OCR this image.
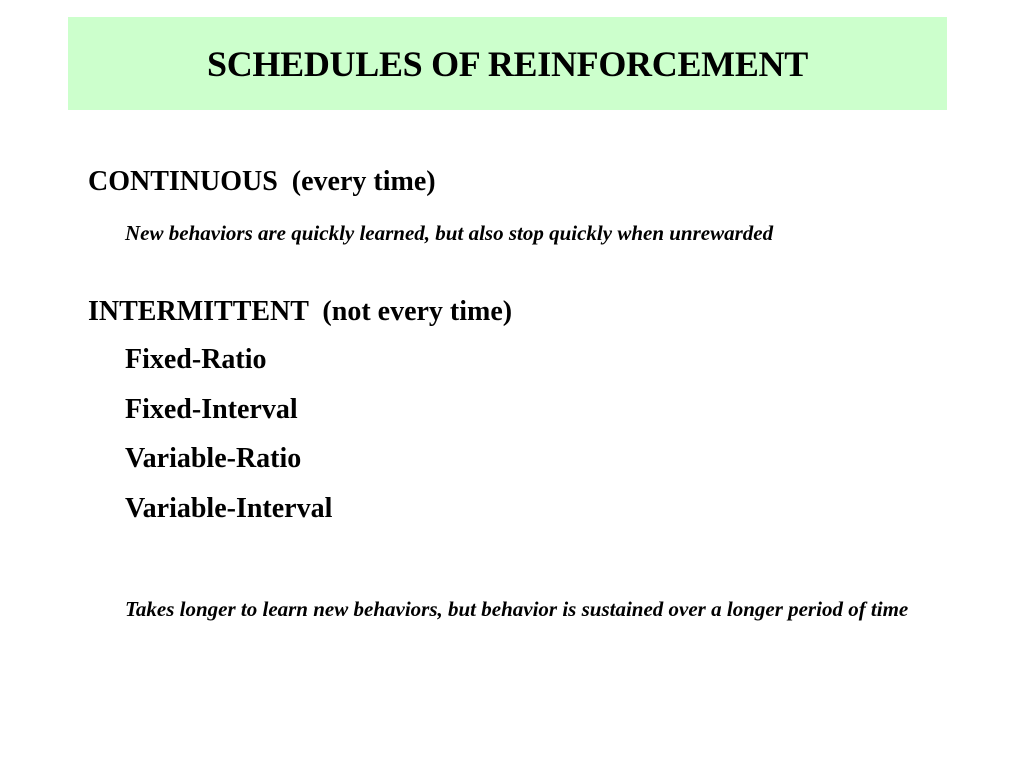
SCHEDULES OF REINFORCEMENT
CONTINUOUS  (every time)
New behaviors are quickly learned, but also stop quickly when unrewarded
INTERMITTENT  (not every time)
Fixed-Ratio
Fixed-Interval
Variable-Ratio
Variable-Interval
Takes longer to learn new behaviors, but behavior is sustained over a longer period of time
